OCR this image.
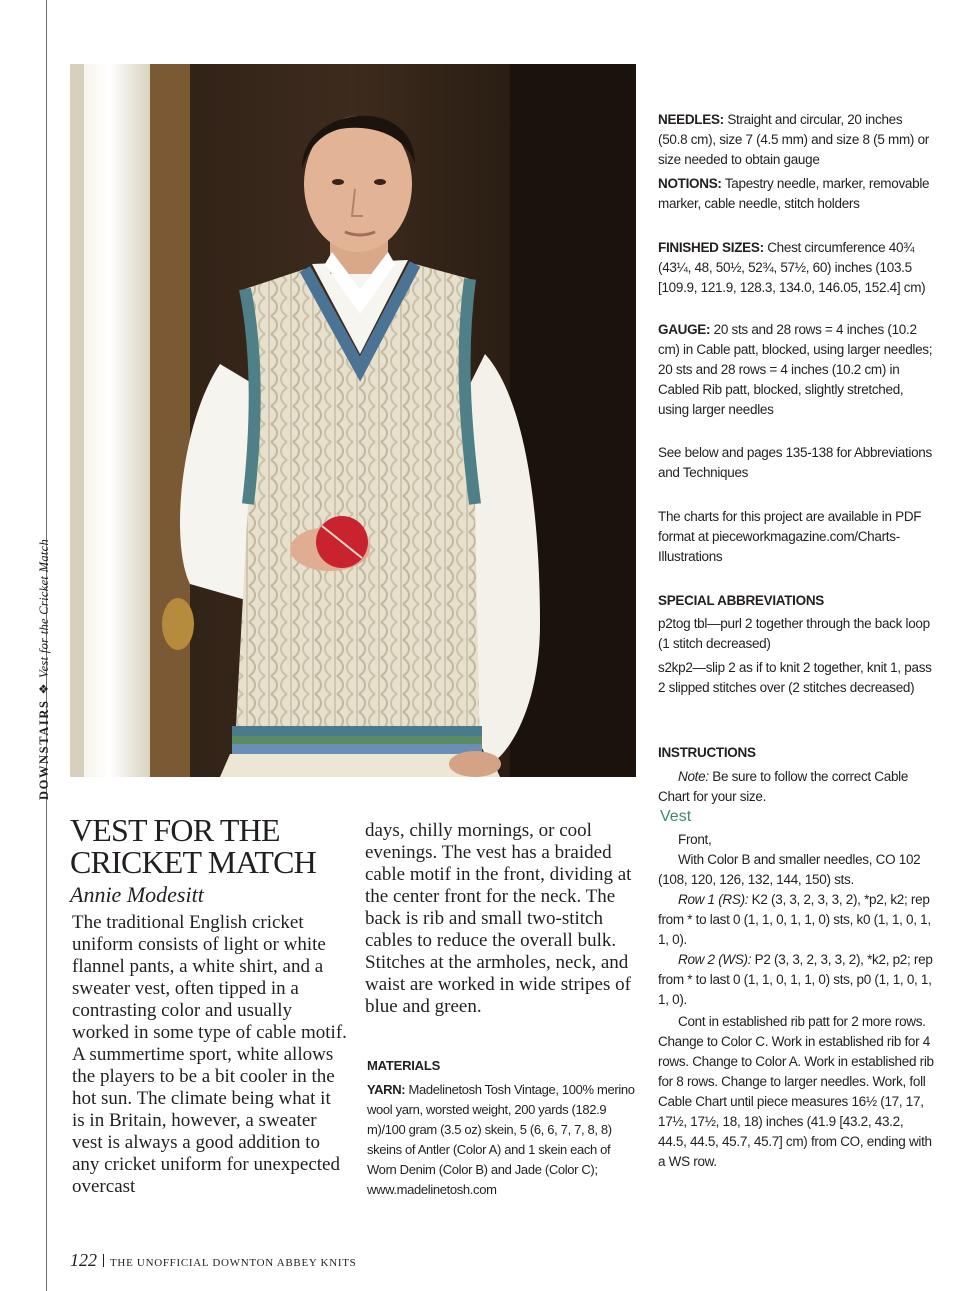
DOWNSTAIRS❖Vest for the Cricket Match
VEST FOR THE
CRICKET MATCH
Annie Modesitt

The traditional English cricket uniform consists of light or white flannel pants, a white shirt, and a sweater vest, often tipped in a contrasting color and usually worked in some type of cable motif. A summertime sport, white allows the players to be a bit cooler in the hot sun. The climate being what it is in Britain, however, a sweater vest is always a good addition to any cricket uniform for unexpected overcast

days, chilly mornings, or cool evenings. The vest has a braided cable motif in the front, dividing at the center front for the neck. The back is rib and small two-stitch cables to reduce the overall bulk. Stitches at the armholes, neck, and waist are worked in wide stripes of blue and green.

MATERIALS

YARN: Madelinetosh Tosh Vintage, 100% merino wool yarn, worsted weight, 200 yards (182.9 m)/100 gram (3.5 oz) skein, 5 (6, 6, 7, 7, 8, 8) skeins of Antler (Color A) and 1 skein each of Worn Denim (Color B) and Jade (Color C); www.madelinetosh.com

NEEDLES: Straight and circular, 20 inches (50.8 cm), size 7 (4.5 mm) and size 8 (5 mm) or size needed to obtain gauge

NOTIONS: Tapestry needle, marker, removable marker, cable needle, stitch holders

FINISHED SIZES: Chest circumference 40¾ (43¼, 48, 50½, 52¾, 57½, 60) inches (103.5 [109.9, 121.9, 128.3, 134.0, 146.05, 152.4] cm)

GAUGE: 20 sts and 28 rows = 4 inches (10.2 cm) in Cable patt, blocked, using larger needles; 20 sts and 28 rows = 4 inches (10.2 cm) in Cabled Rib patt, blocked, slightly stretched, using larger needles

See below and pages 135-138 for Abbreviations and Techniques

The charts for this project are available in PDF format at pieceworkmagazine.com/Charts-Illustrations

SPECIAL ABBREVIATIONS

p2tog tbl—purl 2 together through the back loop (1 stitch decreased)

s2kp2—slip 2 as if to knit 2 together, knit 1, pass 2 slipped stitches over (2 stitches decreased)

INSTRUCTIONS

Note: Be sure to follow the correct Cable Chart for your size.

Vest

Front,

With Color B and smaller needles, CO 102 (108, 120, 126, 132, 144, 150) sts.

Row 1 (RS): K2 (3, 3, 2, 3, 3, 2), *p2, k2; rep from * to last 0 (1, 1, 0, 1, 1, 0) sts, k0 (1, 1, 0, 1, 1, 0).

Row 2 (WS): P2 (3, 3, 2, 3, 3, 2), *k2, p2; rep from * to last 0 (1, 1, 0, 1, 1, 0) sts, p0 (1, 1, 0, 1, 1, 0).

Cont in established rib patt for 2 more rows. Change to Color C. Work in established rib for 4 rows. Change to Color A. Work in established rib for 8 rows. Change to larger needles. Work, foll Cable Chart until piece measures 16½ (17, 17, 17½, 17½, 18, 18) inches (41.9 [43.2, 43.2, 44.5, 44.5, 45.7, 45.7] cm) from CO, ending with a WS row.

122 THE UNOFFICIAL DOWNTON ABBEY KNITS
